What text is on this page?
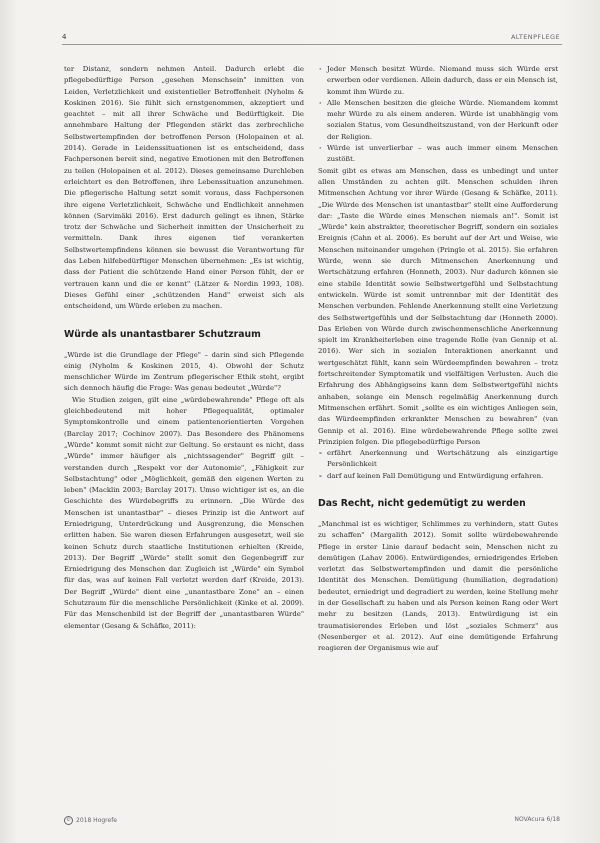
4	ALTENPFLEGE

ter Distanz, sondern nehmen Anteil. Dadurch erlebt die pflegebedürftige Person „gesehen Menschsein" inmitten von Leiden, Verletzlichkeit und existentieller Betroffenheit (Nyholm & Koskinen 2016). Sie fühlt sich ernstgenommen, akzeptiert und geachtet – mit all ihrer Schwäche und Bedürftigkeit. Die annehmbare Haltung der Pflegenden stärkt das zerbrechliche Selbstwertempfinden der betroffenen Person (Holopainen et al. 2014). Gerade in Leidenssituationen ist es entscheidend, dass Fachpersonen bereit sind, negative Emotionen mit den Betroffenen zu teilen (Holopainen et al. 2012). Dieses gemeinsame Durchleben erleichtert es den Betroffenen, ihre Lebenssituation anzunehmen. Die pflegerische Haltung setzt somit voraus, dass Fachpersonen ihre eigene Verletzlichkeit, Schwäche und Endlichkeit annehmen können (Sarvimäki 2016). Erst dadurch gelingt es ihnen, Stärke trotz der Schwäche und Sicherheit inmitten der Unsicherheit zu vermitteln. Dank ihres eigenen tief verankerten Selbstwertempfindens können sie bewusst die Verantwortung für das Leben hilfebedürftiger Menschen übernehmen: „Es ist wichtig, dass der Patient die schützende Hand einer Person fühlt, der er vertrauen kann und die er kennt" (Lätzer & Nordin 1993, 108). Dieses Gefühl einer „schützenden Hand" erweist sich als entscheidend, um Würde erleben zu machen.

Würde als unantastbarer Schutzraum

„Würde ist die Grundlage der Pflege" – darin sind sich Pflegende einig (Nyholm & Koskinen 2015, 4). Obwohl der Schutz menschlicher Würde im Zentrum pflegerischer Ethik steht, ergibt sich dennoch häufig die Frage: Was genau bedeutet „Würde"?

Wie Studien zeigen, gilt eine „würdebewahrende" Pflege oft als gleichbedeutend mit hoher Pflegequalität, optimaler Symptomkontrolle und einem patientenorientierten Vorgehen (Barclay 2017; Cochinov 2007). Das Besondere des Phänomens „Würde" kommt somit nicht zur Geltung. So erstaunt es nicht, dass „Würde" immer häufiger als „nichtssagender" Begriff gilt – verstanden durch „Respekt vor der Autonomie", „Fähigkeit zur Selbstachtung" oder „Möglichkeit, gemäß den eigenen Werten zu leben" (Macklin 2003; Barclay 2017). Umso wichtiger ist es, an die Geschichte des Würdebegriffs zu erinnern. „Die Würde des Menschen ist unantastbar" – dieses Prinzip ist die Antwort auf Erniedrigung, Unterdrückung und Ausgrenzung, die Menschen erlitten haben. Sie waren diesen Erfahrungen ausgesetzt, weil sie keinen Schutz durch staatliche Institutionen erhielten (Kreide, 2013). Der Begriff „Würde" stellt somit den Gegenbegriff zur Erniedrigung des Menschen dar. Zugleich ist „Würde" ein Symbol für das, was auf keinen Fall verletzt werden darf (Kreide, 2013). Der Begriff „Würde" dient eine „unantastbare Zone" an – einen Schutzraum für die menschliche Persönlichkeit (Kinke et al. 2009). Für das Menschenbild ist der Begriff der „unantastbaren Würde" elementar (Gesang & Schäfke, 2011):

· Jeder Mensch besitzt Würde. Niemand muss sich Würde erst erwerben oder verdienen. Allein dadurch, dass er ein Mensch ist, kommt ihm Würde zu.
· Alle Menschen besitzen die gleiche Würde. Niemandem kommt mehr Würde zu als einem anderen. Würde ist unabhängig vom sozialen Status, vom Gesundheitszustand, von der Herkunft oder der Religion.
· Würde ist unverlierbar – was auch immer einem Menschen zustößt.

Somit gibt es etwas am Menschen, dass es unbedingt und unter allen Umständen zu achten gilt. Menschen schulden ihren Mitmenschen Achtung vor ihrer Würde (Gesang & Schäfke, 2011). „Die Würde des Menschen ist unantastbar" stellt eine Aufforderung dar: „Taste die Würde eines Menschen niemals an!". Somit ist „Würde" kein abstrakter, theoretischer Begriff, sondern ein soziales Ereignis (Cahn et al. 2006). Es beruht auf der Art und Weise, wie Menschen miteinander umgehen (Pringle et al. 2015). Sie erfahren Würde, wenn sie durch Mitmenschen Anerkennung und Wertschätzung erfahren (Honneth, 2003). Nur dadurch können sie eine stabile Identität sowie Selbstwertgefühl und Selbstachtung entwickeln. Würde ist somit untrennbar mit der Identität des Menschen verbunden. Fehlende Anerkennung stellt eine Verletzung des Selbstwertgefühls und der Selbstachtung dar (Honneth 2000). Das Erleben von Würde durch zwischenmenschliche Anerkennung spielt im Krankheiterleben eine tragende Rolle (van Gennip et al. 2016). Wer sich in sozialen Interaktionen anerkannt und wertgeschätzt fühlt, kann sein Würdeempfinden bewahren – trotz fortschreitender Symptomatik und vielfältigen Verlusten. Auch die Erfahrung des Abhängigseins kann dem Selbstwertgefühl nichts anhaben, solange ein Mensch regelmäßig Anerkennung durch Mitmenschen erfährt. Somit „sollte es ein wichtiges Anliegen sein, das Würdeempfinden erkrankter Menschen zu bewahren" (van Gennip et al. 2016). Eine würdebewahrende Pflege sollte zwei Prinzipien folgen. Die pflegebedürftige Person

- erfährt Anerkennung und Wertschätzung als einzigartige Persönlichkeit
- darf auf keinen Fall Demütigung und Entwürdigung erfahren.
Das Recht, nicht gedemütigt zu werden

„Manchmal ist es wichtiger, Schlimmes zu verhindern, statt Gutes zu schaffen" (Margalith 2012). Somit sollte würdebewahrende Pflege in erster Linie darauf bedacht sein, Menschen nicht zu demütigen (Lahav 2006). Entwürdigendes, erniedrigendes Erleben verletzt das Selbstwertempfinden und damit die persönliche Identität des Menschen. Demütigung (humiliation, degradation) bedeutet, erniedrigt und degradiert zu werden, keine Stellung mehr in der Gesellschaft zu haben und als Person keinen Rang oder Wert mehr zu besitzen (Lands, 2013). Entwürdigung ist ein traumatisierendes Erleben und löst „soziales Schmerz" aus (Nesenberger et al. 2012). Auf eine demütigende Erfahrung reagieren der Organismus wie auf

© 2018 Hogrefe	NOVAcura 6/18
